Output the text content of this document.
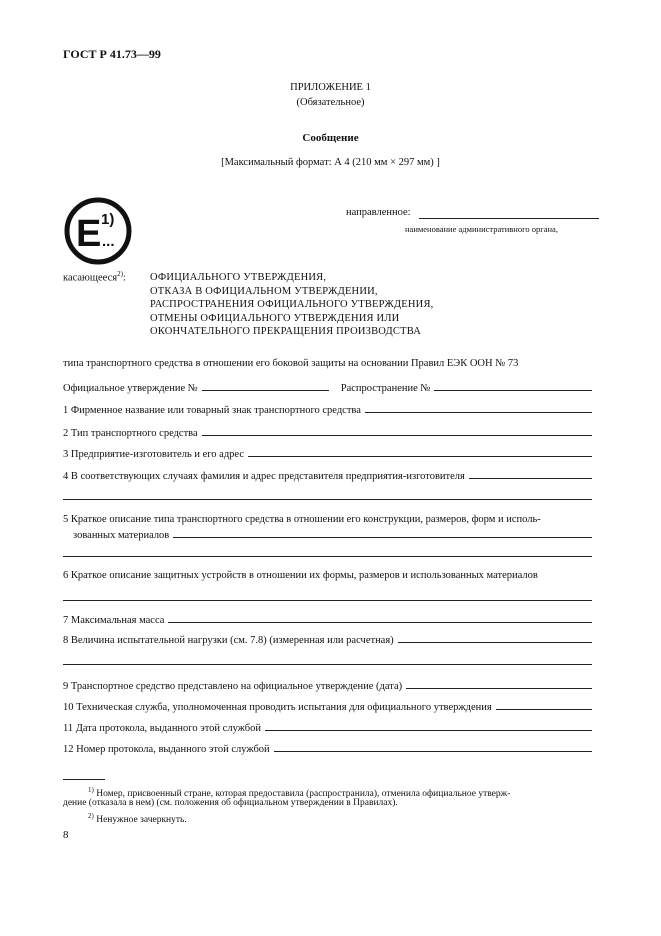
ГОСТ Р 41.73—99
ПРИЛОЖЕНИЕ 1
(Обязательное)
Сообщение
[Максимальный формат: А 4 (210 мм × 297 мм) ]
E 1)
...
направленное:
наименование административного органа,
касающееся$^{2)}$: ОФИЦИАЛЬНОГО УТВЕРЖДЕНИЯ,
ОТКАЗА В ОФИЦИАЛЬНОМ УТВЕРЖДЕНИИ,
РАСПРОСТРАНЕНИЯ ОФИЦИАЛЬНОГО УТВЕРЖДЕНИЯ,
ОТМЕНЫ ОФИЦИАЛЬНОГО УТВЕРЖДЕНИЯ ИЛИ
ОКОНЧАТЕЛЬНОГО ПРЕКРАЩЕНИЯ ПРОИЗВОДСТВА
типа транспортного средства в отношении его боковой защиты на основании Правил ЕЭК ООН № 73
Официальное утверждение №	Распространение №
1 Фирменное название или товарный знак транспортного средства
2 Тип транспортного средства
3 Предприятие-изготовитель и его адрес
4 В соответствующих случаях фамилия и адрес представителя предприятия-изготовителя
5 Краткое описание типа транспортного средства в отношении его конструкции, размеров, форм и исполь-
зованных материалов
6 Краткое описание защитных устройств в отношении их формы, размеров и использованных материалов
7 Максимальная масса
8 Величина испытательной нагрузки (см. 7.8) (измеренная или расчетная)
9 Транспортное средство представлено на официальное утверждение (дата)
10 Техническая служба, уполномоченная проводить испытания для официального утверждения
11 Дата протокола, выданного этой службой
12 Номер протокола, выданного этой службой
$^{1)}$ Номер, присвоенный стране, которая предоставила (распространила), отменила официальное утверж-
дение (отказала в нем) (см. положения об официальном утверждении в Правилах).
$^{2)}$ Ненужное зачеркнуть.
8
